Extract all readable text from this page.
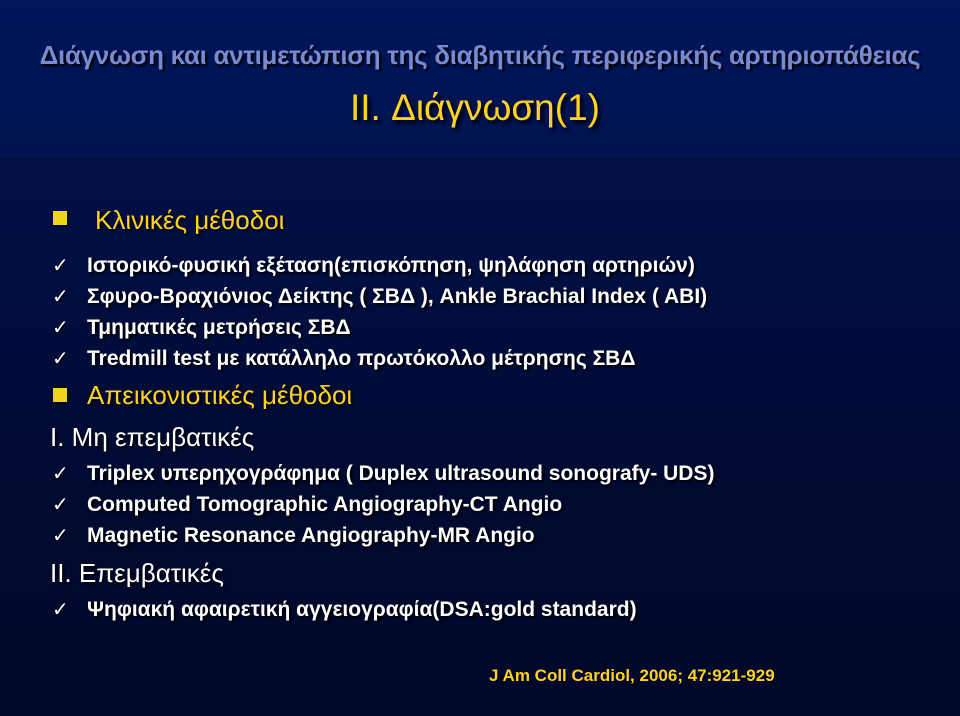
Διάγνωση και αντιμετώπιση της διαβητικής περιφερικής αρτηριοπάθειας
II. Διάγνωση(1)
Κλινικές μέθοδοι
✓ Ιστορικό-φυσική εξέταση(επισκόπηση, ψηλάφηση αρτηριών)
✓ Σφυρο-Βραχιόνιος Δείκτης ( ΣΒΔ ), Ankle Brachial Index ( ABI)
✓ Τμηματικές μετρήσεις ΣΒΔ
✓ Tredmill test με κατάλληλο πρωτόκολλο μέτρησης ΣΒΔ
Απεικονιστικές μέθοδοι
I. Μη επεμβατικές
✓ Triplex υπερηχογράφημα ( Duplex ultrasound sonografy- UDS)
✓ Computed Tomographic Angiography-CT Angio
✓ Magnetic Resonance Angiography-MR Angio
II. Επεμβατικές
✓ Ψηφιακή αφαιρετική αγγειογραφία(DSA:gold standard)
J Am Coll Cardiol, 2006; 47:921-929
